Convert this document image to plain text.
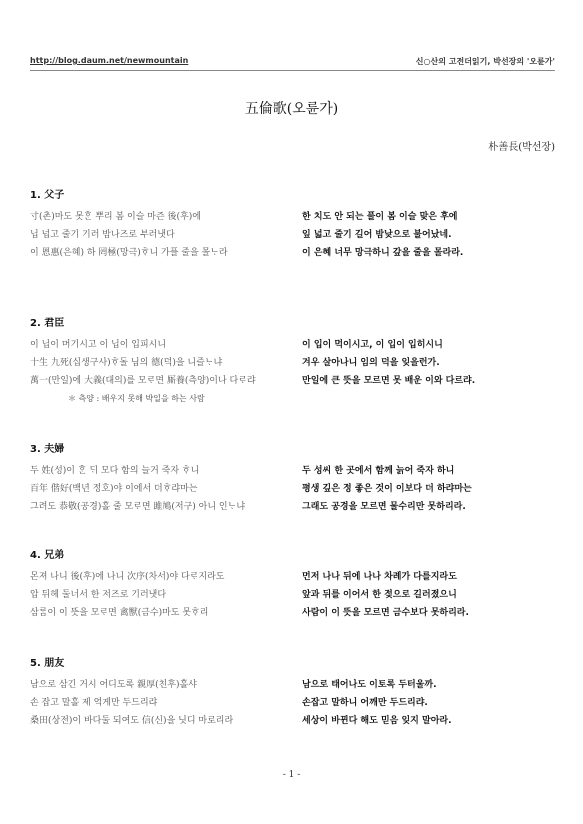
http://blog.daum.net/newmountain	신○산의 고전더읽기, 박선장의 '오륜가'
五倫歌(오륜가)
朴善長(박선장)
1. 父子
寸(촌)마도 못ᄒᆞᆫ 뿌리 봄 이슬 마즌 後(후)에	한 치도 안 되는 풀이 봄 이슬 맞은 후에
닙 넙고 줄기 기러 밤나즈로 부러냇다	잎 넓고 줄기 길어 밤낮으로 불어났네.
이 恩惠(은혜) 하 罔極(망극)ᄒᆞ니 가플 줄을 몰ᄂᆞ라	이 은혜 너무 망극하니 갚을 줄을 몰라라.
2. 君臣
이 닙이 머기시고 이 닙이 입피시니	이 입이 먹이시고, 이 입이 입히시니
十生 九死(십생구사)ᄒᆞ돌 님의 德(덕)을 니즐ᄂᆞ냐	겨우 살아나니 임의 덕을 잊을런가.
萬一(만일)에 大義(대의)를 모ᄅᆞ면 厮養(측양)이나 다ᄅᆞ랴	만일에 큰 뜻을 모르면 못 배운 이와 다르랴.
＊ 측양 : 배우지 못해 박일을 하는 사람
3. 夫婦
두 姓(성)이 ᄒᆞᆫ ᄃᆡ 모다 함의 늘거 죽자 ᄒᆞ니	두 성씨 한 곳에서 함께 늙어 죽자 하니
百年 偕好(백년 정호)야 이에서 더ᄒᆞ랴마는	평생 깊은 정 좋은 것이 이보다 더 하랴마는
그려도 恭敬(공경)홀 줄 모ᄅᆞ면 雎鳩(저구) 아니 인ᄂᆞ냐	그래도 공경을 모르면 물수리만 못하리라.
4. 兄弟
몬져 나니 後(후)에 나니 次序(차서)야 다ᄅᆞ지라도	먼저 나나 뒤에 나나 차례가 다를지라도
압 뒤헤 둘너서 한 저즈로 기러냇다	앞과 뒤를 이어서 한 젖으로 길러졌으니
삼ᄅᆞᆷ이 이 뜻을 모ᄅᆞ면 禽獸(금수)마도 못ᄒᆞ리	사람이 이 뜻을 모르면 금수보다 못하리라.
5. 朋友
남으로 삼긴 거시 어디도록 親厚(친후)홀샤	남으로 태어나도 이토록 두터울까.
손 잡고 말홀 제 억게만 두드리랴	손잡고 말하니 어깨만 두드리랴.
桑田(상전)이 바다둘 되여도 信(신)을 닛디 마로리라	세상이 바뀐다 해도 믿음 잊지 말아라.
- 1 -
